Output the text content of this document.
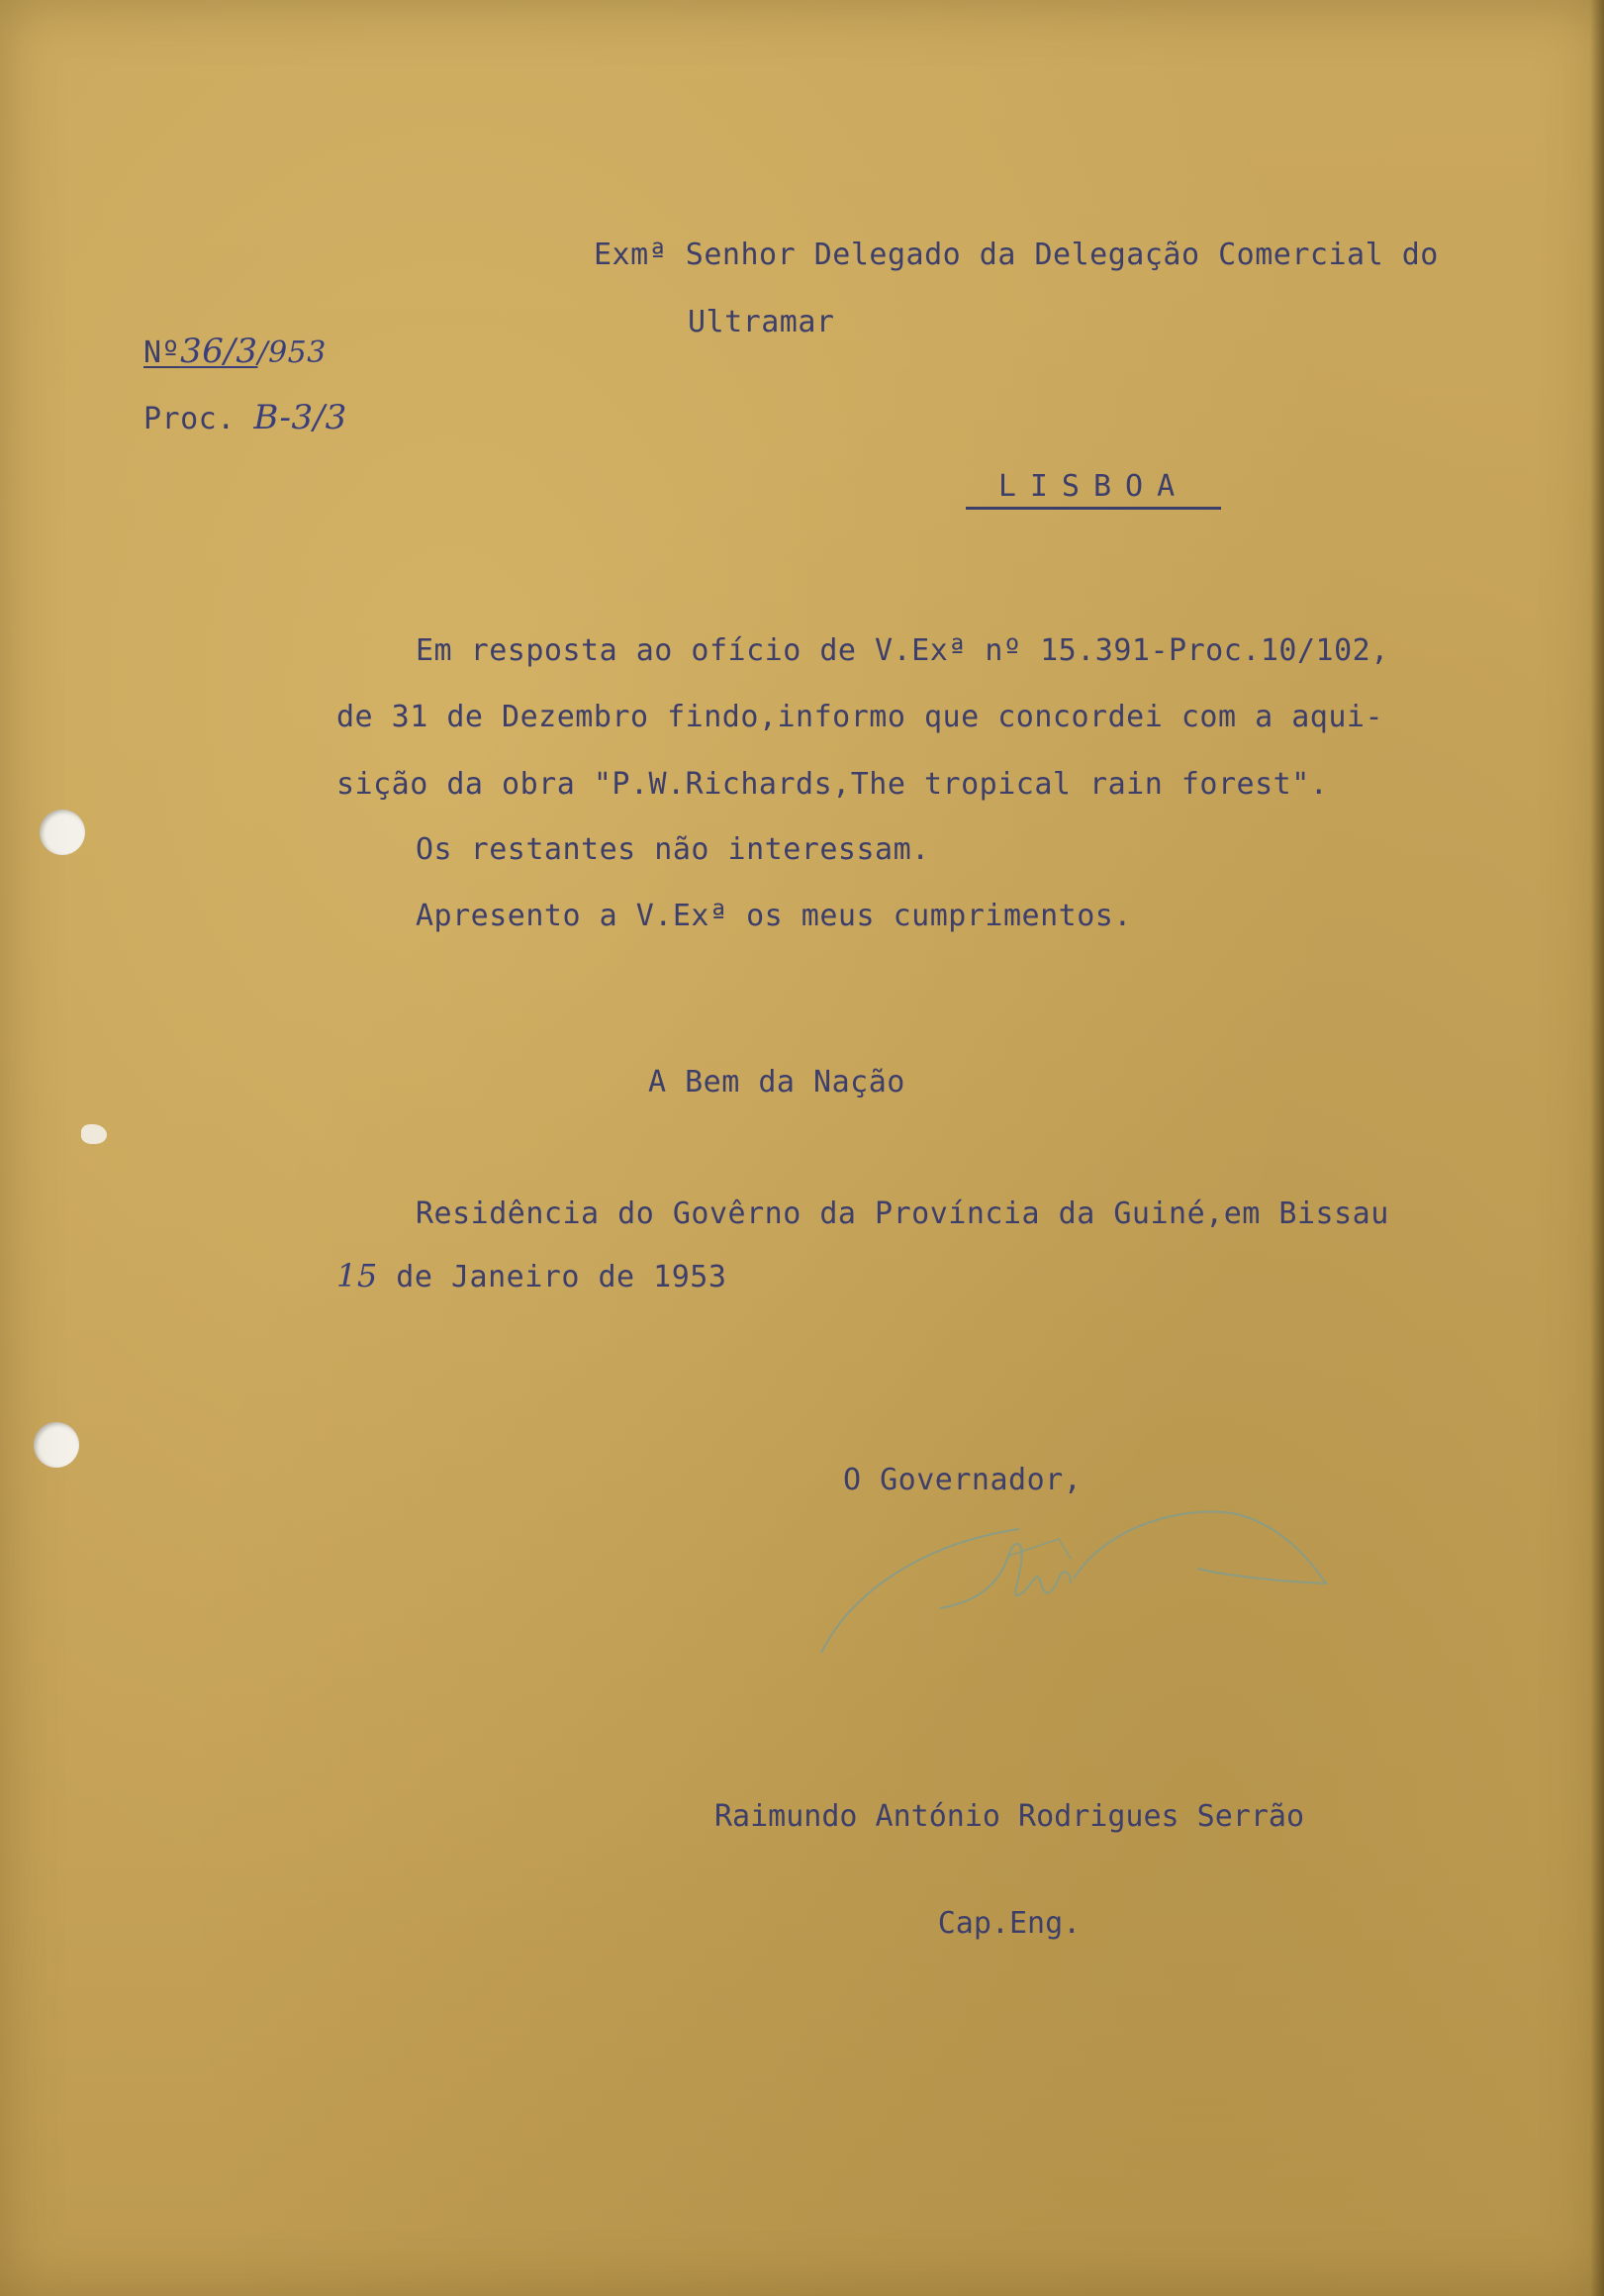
Exmª Senhor Delegado da Delegação Comercial do
Ultramar
LISBOA
Nº36/3/953
Proc. B-3/3
Em resposta ao ofício de V.Exª nº 15.391-Proc.10/102,
de 31 de Dezembro findo,informo que concordei com a aqui-
sição da obra "P.W.Richards,The tropical rain forest".
Os restantes não interessam.
Apresento a V.Exª os meus cumprimentos.
A Bem da Nação
Residência do Govêrno da Província da Guiné,em Bissau
15 de Janeiro de 1953
O Governador,

Raimundo António Rodrigues Serrão

Cap.Eng.
